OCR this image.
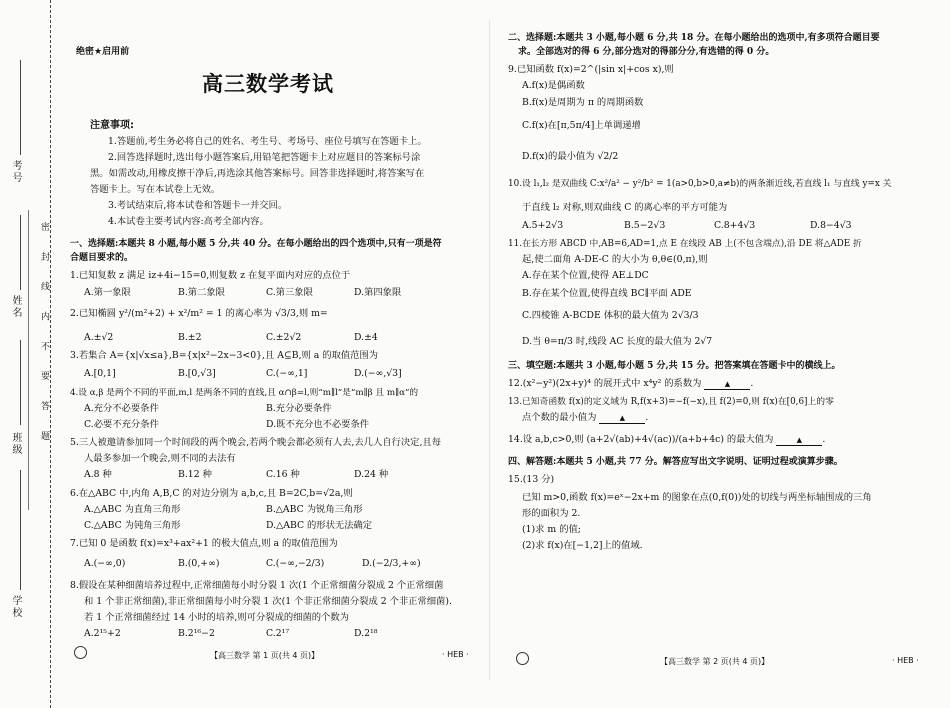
密 封 线 内 不 要 答 题
考号
姓名
班级
学校
绝密★启用前
高三数学考试
注意事项:
1.答题前,考生务必将自己的姓名、考生号、考场号、座位号填写在答题卡上。
2.回答选择题时,选出每小题答案后,用铅笔把答题卡上对应题目的答案标号涂
黑。如需改动,用橡皮擦干净后,再选涂其他答案标号。回答非选择题时,将答案写在
答题卡上。写在本试卷上无效。
3.考试结束后,将本试卷和答题卡一并交回。
4.本试卷主要考试内容:高考全部内容。
一、选择题:本题共 8 小题,每小题 5 分,共 40 分。在每小题给出的四个选项中,只有一项是符
合题目要求的。
1.已知复数 z 满足 iz+4i−15=0,则复数 z 在复平面内对应的点位于
A.第一象限	B.第二象限	C.第三象限	D.第四象限
2.已知椭圆 y²/(m²+2) + x²/m² = 1 的离心率为 √3/3,则 m=
A.±√2	B.±2	C.±2√2	D.±4
3.若集合 A={x|√x≤a},B={x|x²−2x−3<0},且 A⊆B,则 a 的取值范围为
A.[0,1]	B.[0,√3]	C.(−∞,1]	D.(−∞,√3]
4.设 α,β 是两个不同的平面,m,l 是两条不同的直线,且 α∩β=l,则“m∥l”是“m∥β 且 m∥α”的
A.充分不必要条件	B.充分必要条件
C.必要不充分条件	D.既不充分也不必要条件
5.三人被邀请参加同一个时间段的两个晚会,若两个晚会都必须有人去,去几人自行决定,且每
人最多参加一个晚会,则不同的去法有
A.8 种	B.12 种	C.16 种	D.24 种
6.在△ABC 中,内角 A,B,C 的对边分别为 a,b,c,且 B=2C,b=√2a,则
A.△ABC 为直角三角形	B.△ABC 为锐角三角形
C.△ABC 为钝角三角形	D.△ABC 的形状无法确定
7.已知 0 是函数 f(x)=x³+ax²+1 的极大值点,则 a 的取值范围为
A.(−∞,0)	B.(0,+∞)	C.(−∞,−2/3)	D.(−2/3,+∞)
8.假设在某种细菌培养过程中,正常细菌每小时分裂 1 次(1 个正常细菌分裂成 2 个正常细菌
和 1 个非正常细菌),非正常细菌每小时分裂 1 次(1 个非正常细菌分裂成 2 个非正常细菌).
若 1 个正常细菌经过 14 小时的培养,则可分裂成的细菌的个数为
A.2¹⁵+2	B.2¹⁶−2	C.2¹⁷	D.2¹⁸
【高三数学 第 1 页(共 4 页)】	· HEB ·
二、选择题:本题共 3 小题,每小题 6 分,共 18 分。在每小题给出的选项中,有多项符合题目要
求。全部选对的得 6 分,部分选对的得部分分,有选错的得 0 分。
9.已知函数 f(x)=2^(|sin x|+cos x),则
A.f(x)是偶函数
B.f(x)是周期为 π 的周期函数
C.f(x)在[π,5π/4]上单调递增
D.f(x)的最小值为 √2/2
10.设 l₁,l₂ 是双曲线 C:x²/a² − y²/b² = 1(a>0,b>0,a≠b)的两条渐近线,若直线 l₁ 与直线 y=x 关
于直线 l₂ 对称,则双曲线 C 的离心率的平方可能为
A.5+2√3	B.5−2√3	C.8+4√3	D.8−4√3
11.在长方形 ABCD 中,AB=6,AD=1,点 E 在线段 AB 上(不包含端点),沿 DE 将△ADE 折
起,使二面角 A-DE-C 的大小为 θ,θ∈(0,π),则
A.存在某个位置,使得 AE⊥DC
B.存在某个位置,使得直线 BC∥平面 ADE
C.四棱锥 A-BCDE 体积的最大值为 2√3/3
D.当 θ=π/3 时,线段 AC 长度的最大值为 2√7
三、填空题:本题共 3 小题,每小题 5 分,共 15 分。把答案填在答题卡中的横线上。
12.(x²−y²)(2x+y)⁴ 的展开式中 x⁴y² 的系数为	▲ .
13.已知奇函数 f(x)的定义域为 R,f(x+3)=−f(−x),且 f(2)=0,则 f(x)在[0,6]上的零
点个数的最小值为	▲ .
14.设 a,b,c>0,则 (a+2√(ab)+4√(ac))/(a+b+4c) 的最大值为	▲ .
四、解答题:本题共 5 小题,共 77 分。解答应写出文字说明、证明过程或演算步骤。
15.(13 分)
已知 m>0,函数 f(x)=eˣ−2x+m 的图象在点(0,f(0))处的切线与两坐标轴围成的三角
形的面积为 2.
(1)求 m 的值;
(2)求 f(x)在[−1,2]上的值域.
【高三数学 第 2 页(共 4 页)】	· HEB ·
